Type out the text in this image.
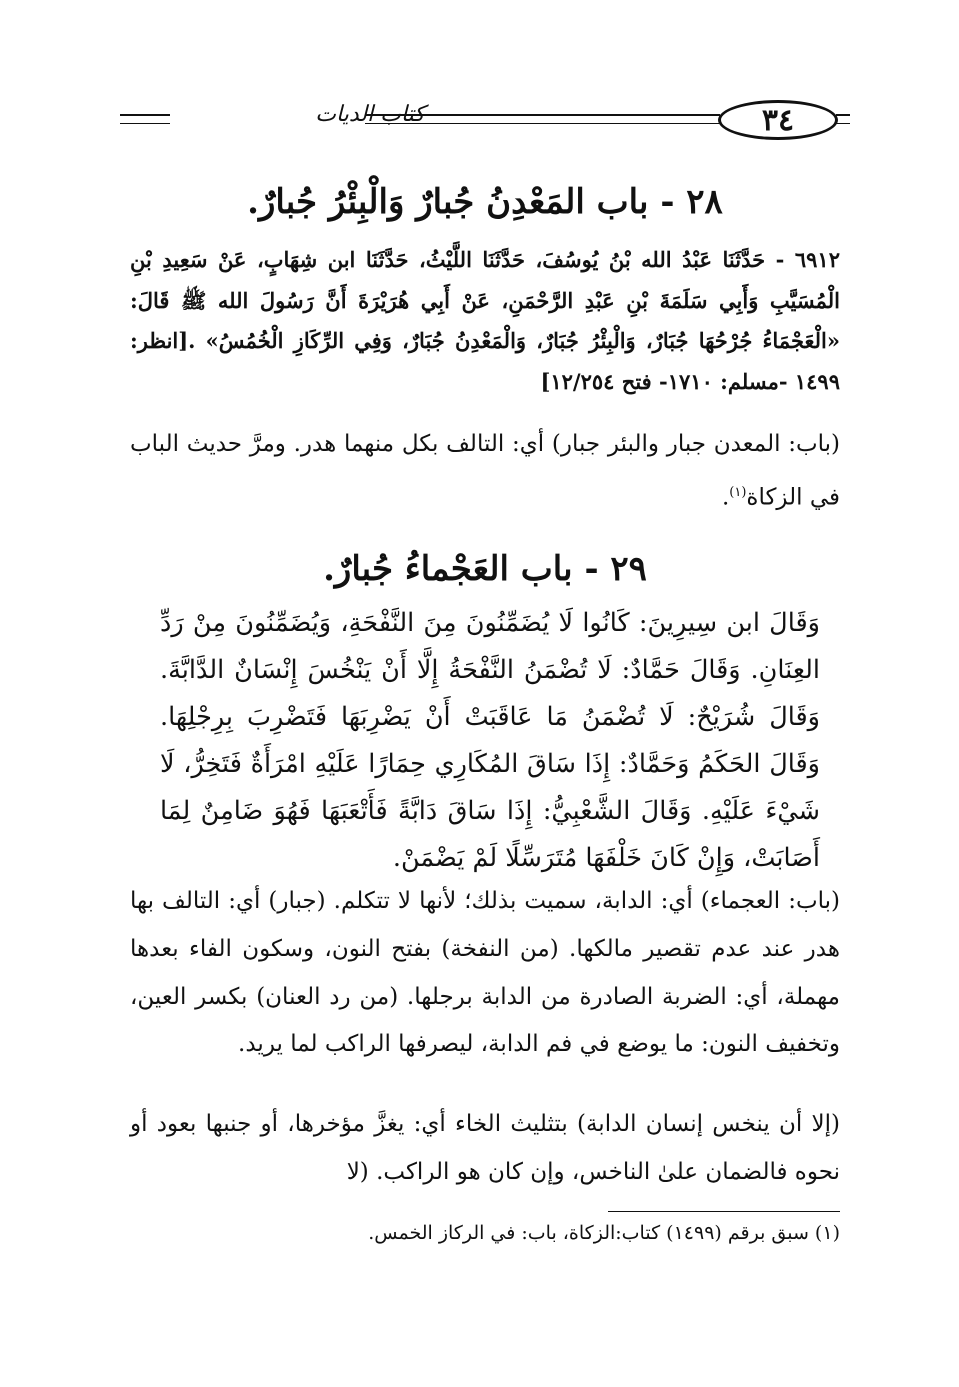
كتاب الديات	٣٤
٢٨ - باب المَعْدِنُ جُبارٌ وَالْبِئْرُ جُبارٌ.
٦٩١٢ - حَدَّثَنَا عَبْدُ الله بْنُ يُوسُفَ، حَدَّثَنَا اللَّيْثُ، حَدَّثَنَا ابن شِهَابٍ، عَنْ سَعِيدِ بْنِ الْمُسَيَّبِ وَأَبِي سَلَمَةَ بْنِ عَبْدِ الرَّحْمَنِ، عَنْ أَبِي هُرَيْرَةَ أَنَّ رَسُولَ الله ﷺ قَالَ: «الْعَجْمَاءُ جُرْحُهَا جُبَارٌ، وَالْبِئْرُ جُبَارٌ، وَالْمَعْدِنُ جُبَارٌ، وَفِي الرِّكَازِ الْخُمُسُ» .[انظر: ١٤٩٩ -مسلم: ١٧١٠- فتح ١٢/٢٥٤]
(باب: المعدن جبار والبئر جبار) أي: التالف بكل منهما هدر. ومرَّ حديث الباب في الزكاة$^{(١)}$.
٢٩ - باب العَجْماءُ جُبارٌ.
وَقَالَ ابن سِيرِينَ: كَانُوا لَا يُضَمِّنُونَ مِنَ النَّفْحَةِ، وَيُضَمِّنُونَ مِنْ رَدِّ العِنَانِ. وَقَالَ حَمَّادٌ: لَا تُضْمَنُ النَّفْحَةُ إِلَّا أَنْ يَنْخُسَ إِنْسَانٌ الدَّابَّةَ. وَقَالَ شُرَيْحٌ: لَا تُضْمَنُ مَا عَاقَبَتْ أَنْ يَضْرِبَهَا فَتَضْرِبَ بِرِجْلِهَا. وَقَالَ الحَكَمُ وَحَمَّادٌ: إِذَا سَاقَ المُكَارِي حِمَارًا عَلَيْهِ امْرَأَةٌ فَتَخِرُّ، لَا شَيْءَ عَلَيْهِ. وَقَالَ الشَّعْبِيُّ: إِذَا سَاقَ دَابَّةً فَأَتْعَبَهَا فَهُوَ ضَامِنٌ لِمَا أَصَابَتْ، وَإِنْ كَانَ خَلْفَهَا مُتَرَسِّلًا لَمْ يَضْمَنْ.
(باب: العجماء) أي: الدابة، سميت بذلك؛ لأنها لا تتكلم. (جبار) أي: التالف بها هدر عند عدم تقصير مالكها. (من النفخة) بفتح النون، وسكون الفاء بعدها مهملة، أي: الضربة الصادرة من الدابة برجلها. (من رد العنان) بكسر العين، وتخفيف النون: ما يوضع في فم الدابة، ليصرفها الراكب لما يريد.
(إلا أن ينخس إنسان الدابة) بتثليث الخاء أي: يغزَّ مؤخرها، أو جنبها بعود أو نحوه فالضمان علىٰ الناخس، وإن كان هو الراكب. (لا
(١) سبق برقم (١٤٩٩) كتاب:الزكاة، باب: في الركاز الخمس.
